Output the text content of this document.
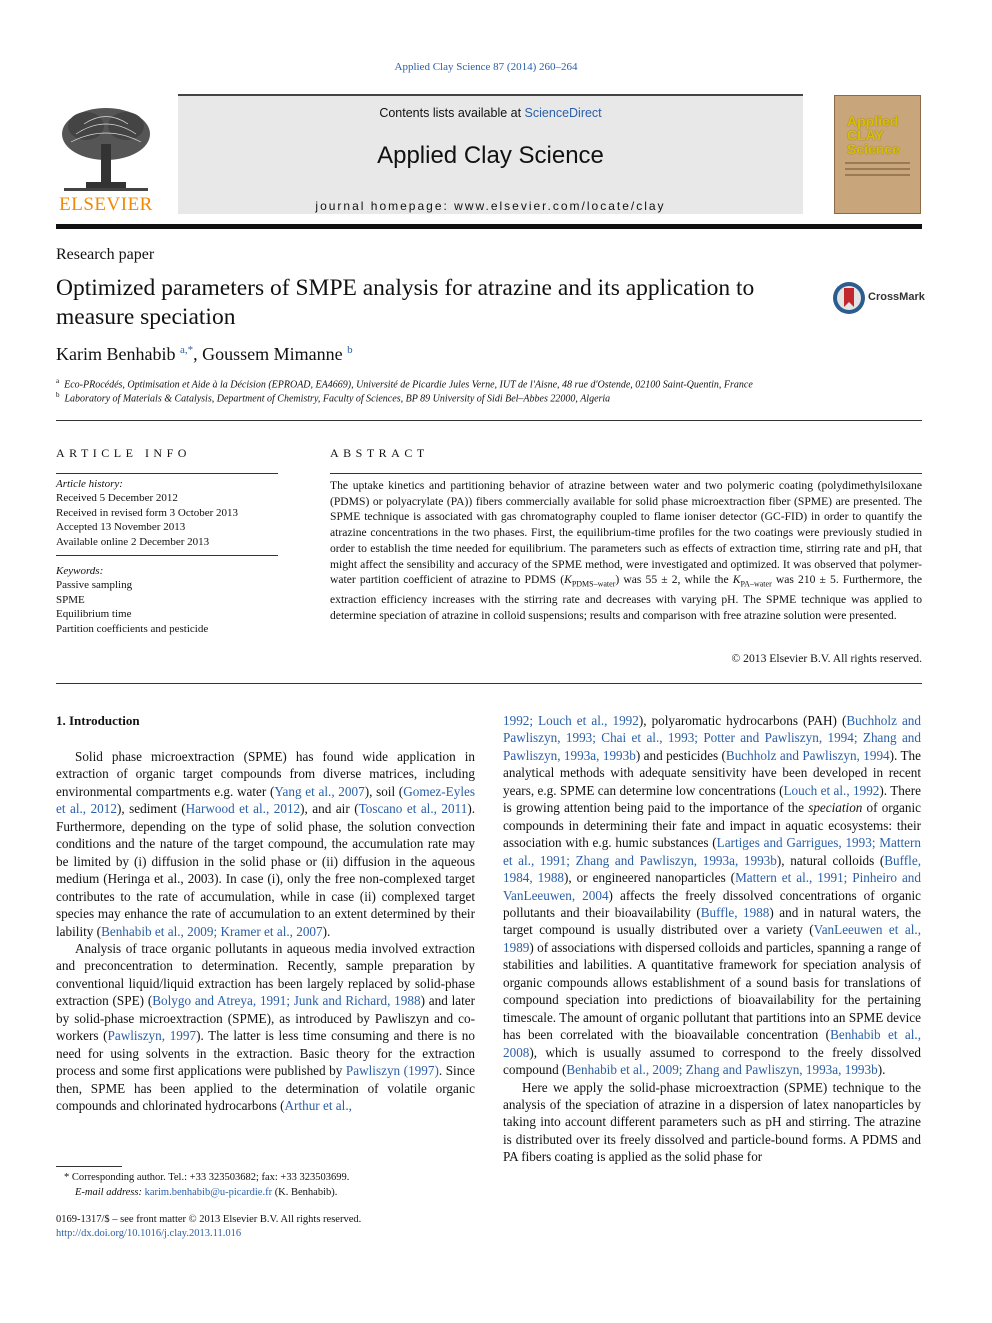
Applied Clay Science 87 (2014) 260–264
ELSEVIER
Contents lists available at ScienceDirect
Applied Clay Science
journal homepage: www.elsevier.com/locate/clay
Applied CLAY Science
Research paper
Optimized parameters of SMPE analysis for atrazine and its application to measure speciation
CrossMark
Karim Benhabib $^{a,*}$, Goussem Mimanne $^b$
$^a$ Eco-PRocédés, Optimisation et Aide à la Décision (EPROAD, EA4669), Université de Picardie Jules Verne, IUT de l'Aisne, 48 rue d'Ostende, 02100 Saint-Quentin, France
$^b$ Laboratory of Materials & Catalysis, Department of Chemistry, Faculty of Sciences, BP 89 University of Sidi Bel–Abbes 22000, Algeria
ARTICLE INFO
Article history:
Received 5 December 2012
Received in revised form 3 October 2013
Accepted 13 November 2013
Available online 2 December 2013
Keywords:
Passive sampling
SPME
Equilibrium time
Partition coefficients and pesticide
ABSTRACT
The uptake kinetics and partitioning behavior of atrazine between water and two polymeric coating (polydimethylsiloxane (PDMS) or polyacrylate (PA)) fibers commercially available for solid phase microextraction fiber (SPME) are presented. The SPME technique is associated with gas chromatography coupled to flame ioniser detector (GC-FID) in order to quantify the atrazine concentrations in the two phases. First, the equilibrium-time profiles for the two coatings were previously studied in order to establish the time needed for equilibrium. The parameters such as effects of extraction time, stirring rate and pH, that might affect the sensibility and accuracy of the SPME method, were investigated and optimized. It was observed that polymer-water partition coefficient of atrazine to PDMS $(K_{PDMS-water})$ was 55 ± 2, while the $K_{PA-water}$ was 210 ± 5. Furthermore, the extraction efficiency increases with the stirring rate and decreases with varying pH. The SPME technique was applied to determine speciation of atrazine in colloid suspensions; results and comparison with free atrazine solution were presented.
© 2013 Elsevier B.V. All rights reserved.
1. Introduction

Solid phase microextraction (SPME) has found wide application in extraction of organic target compounds from diverse matrices, including environmental compartments e.g. water (Yang et al., 2007), soil (Gomez-Eyles et al., 2012), sediment (Harwood et al., 2012), and air (Toscano et al., 2011). Furthermore, depending on the type of solid phase, the solution convection conditions and the nature of the target compound, the accumulation rate may be limited by (i) diffusion in the solid phase or (ii) diffusion in the aqueous medium (Heringa et al., 2003). In case (i), only the free non-complexed target contributes to the rate of accumulation, while in case (ii) complexed target species may enhance the rate of accumulation to an extent determined by their lability (Benhabib et al., 2009; Kramer et al., 2007).

Analysis of trace organic pollutants in aqueous media involved extraction and preconcentration to determination. Recently, sample preparation by conventional liquid/liquid extraction has been largely replaced by solid-phase extraction (SPE) (Bolygo and Atreya, 1991; Junk and Richard, 1988) and later by solid-phase microextraction (SPME), as introduced by Pawliszyn and co-workers (Pawliszyn, 1997). The latter is less time consuming and there is no need for using solvents in the extraction. Basic theory for the extraction process and some first applications were published by Pawliszyn (1997). Since then, SPME has been applied to the determination of volatile organic compounds and chlorinated hydrocarbons (Arthur et al.,

1992; Louch et al., 1992), polyaromatic hydrocarbons (PAH) (Buchholz and Pawliszyn, 1993; Chai et al., 1993; Potter and Pawliszyn, 1994; Zhang and Pawliszyn, 1993a, 1993b) and pesticides (Buchholz and Pawliszyn, 1994). The analytical methods with adequate sensitivity have been developed in recent years, e.g. SPME can determine low concentrations (Louch et al., 1992). There is growing attention being paid to the importance of the speciation of organic compounds in determining their fate and impact in aquatic ecosystems: their association with e.g. humic substances (Lartiges and Garrigues, 1993; Mattern et al., 1991; Zhang and Pawliszyn, 1993a, 1993b), natural colloids (Buffle, 1984, 1988), or engineered nanoparticles (Mattern et al., 1991; Pinheiro and VanLeeuwen, 2004) affects the freely dissolved concentrations of organic pollutants and their bioavailability (Buffle, 1988) and in natural waters, the target compound is usually distributed over a variety (VanLeeuwen et al., 1989) of associations with dispersed colloids and particles, spanning a range of stabilities and labilities. A quantitative framework for speciation analysis of organic compounds allows establishment of a sound basis for translations of compound speciation into predictions of bioavailability for the pertaining timescale. The amount of organic pollutant that partitions into an SPME device has been correlated with the bioavailable concentration (Benhabib et al., 2008), which is usually assumed to correspond to the freely dissolved compound (Benhabib et al., 2009; Zhang and Pawliszyn, 1993a, 1993b).

Here we apply the solid-phase microextraction (SPME) technique to the analysis of the speciation of atrazine in a dispersion of latex nanoparticles by taking into account different parameters such as pH and stirring. The atrazine is distributed over its freely dissolved and particle-bound forms. A PDMS and PA fibers coating is applied as the solid phase for

* Corresponding author. Tel.: +33 323503682; fax: +33 323503699.
E-mail address: karim.benhabib@u-picardie.fr (K. Benhabib).
0169-1317/$ – see front matter © 2013 Elsevier B.V. All rights reserved.
http://dx.doi.org/10.1016/j.clay.2013.11.016
